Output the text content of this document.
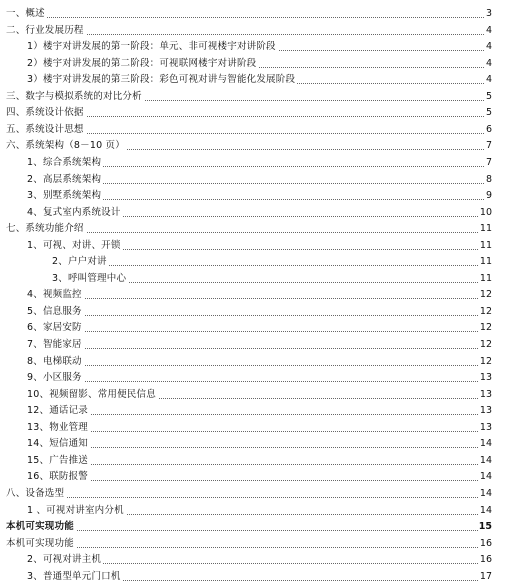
一、概述	3
二、行业发展历程	4
1）楼宇对讲发展的第一阶段：单元、非可视楼宇对讲阶段	4
2）楼宇对讲发展的第二阶段：可视联网楼宇对讲阶段	4
3）楼宇对讲发展的第三阶段：彩色可视对讲与智能化发展阶段	4
三、数字与模拟系统的对比分析	5
四、系统设计依据	5
五、系统设计思想	6
六、系统架构（8－10 页）	7
1、综合系统架构	7
2、高层系统架构	8
3、别墅系统架构	9
4、复式室内系统设计	10
七、系统功能介绍	11
1、可视、对讲、开锁	11
2、户户对讲	11
3、呼叫管理中心	11
4、视频监控	12
5、信息服务	12
6、家居安防	12
7、智能家居	12
8、电梯联动	12
9、小区服务	13
10、视频留影、常用便民信息	13
12、通话记录	13
13、物业管理	13
14、短信通知	14
15、广告推送	14
16、联防报警	14
八、设备选型	14
1 、可视对讲室内分机	14
本机可实现功能	15
本机可实现功能	16
2、可视对讲主机	16
3、普通型单元门口机	17
